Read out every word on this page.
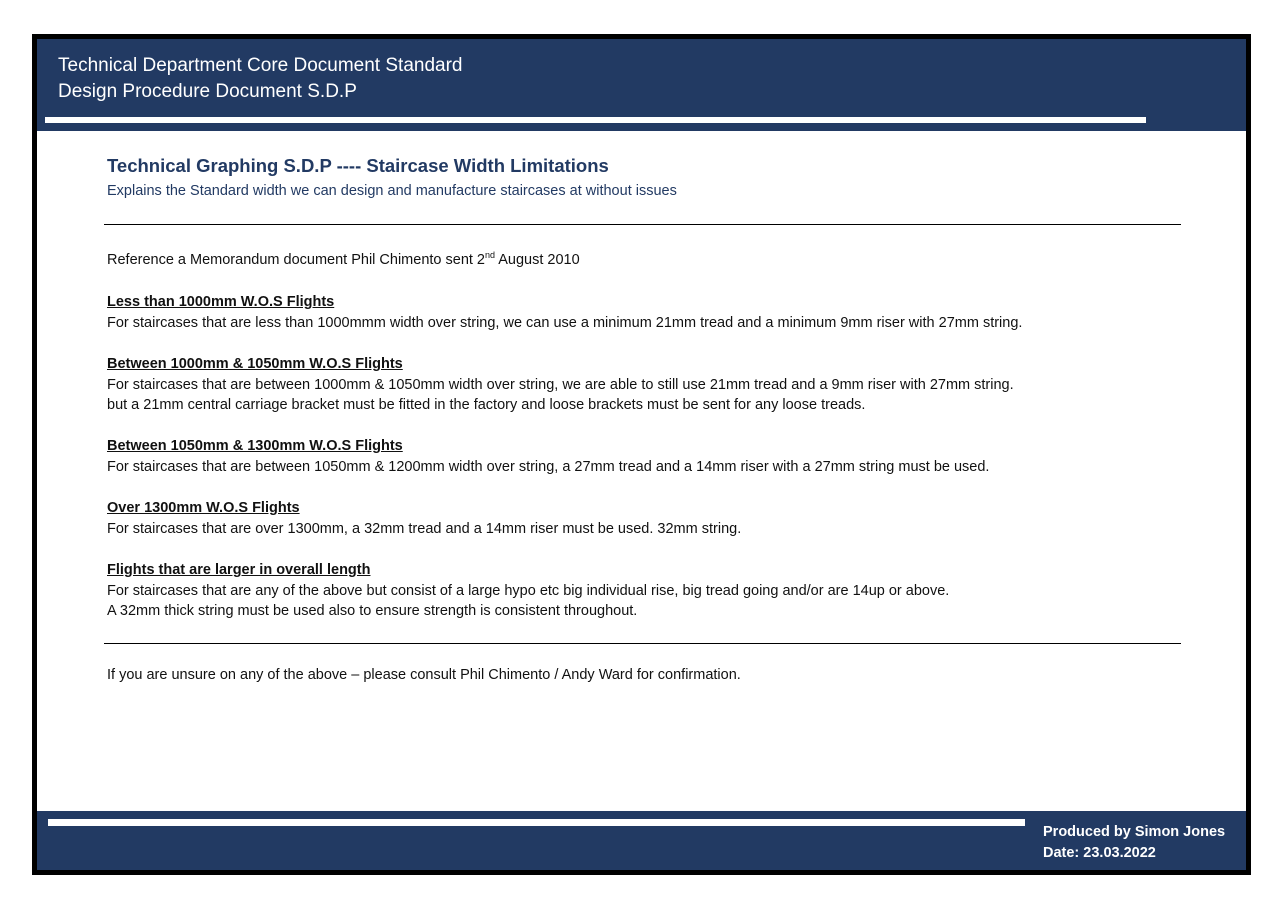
Technical Department Core Document Standard
Design Procedure Document S.D.P
Technical Graphing S.D.P ---- Staircase Width Limitations
Explains the Standard width we can design and manufacture staircases at without issues
Reference a Memorandum document Phil Chimento sent 2nd August 2010
Less than 1000mm W.O.S Flights
For staircases that are less than 1000mmm width over string, we can use a minimum 21mm tread and a minimum 9mm riser with 27mm string.
Between 1000mm & 1050mm W.O.S Flights
For staircases that are between 1000mm & 1050mm width over string, we are able to still use 21mm tread and a 9mm riser with 27mm string.
but a 21mm central carriage bracket must be fitted in the factory and loose brackets must be sent for any loose treads.
Between 1050mm & 1300mm W.O.S Flights
For staircases that are between 1050mm & 1200mm width over string, a 27mm tread and a 14mm riser with a 27mm string must be used.
Over 1300mm W.O.S Flights
For staircases that are over 1300mm, a 32mm tread and a 14mm riser must be used. 32mm string.
Flights that are larger in overall length
For staircases that are any of the above but consist of a large hypo etc big individual rise, big tread going and/or are 14up or above.
A 32mm thick string must be used also to ensure strength is consistent throughout.
If you are unsure on any of the above – please consult Phil Chimento / Andy Ward for confirmation.
Produced by Simon Jones
Date: 23.03.2022
